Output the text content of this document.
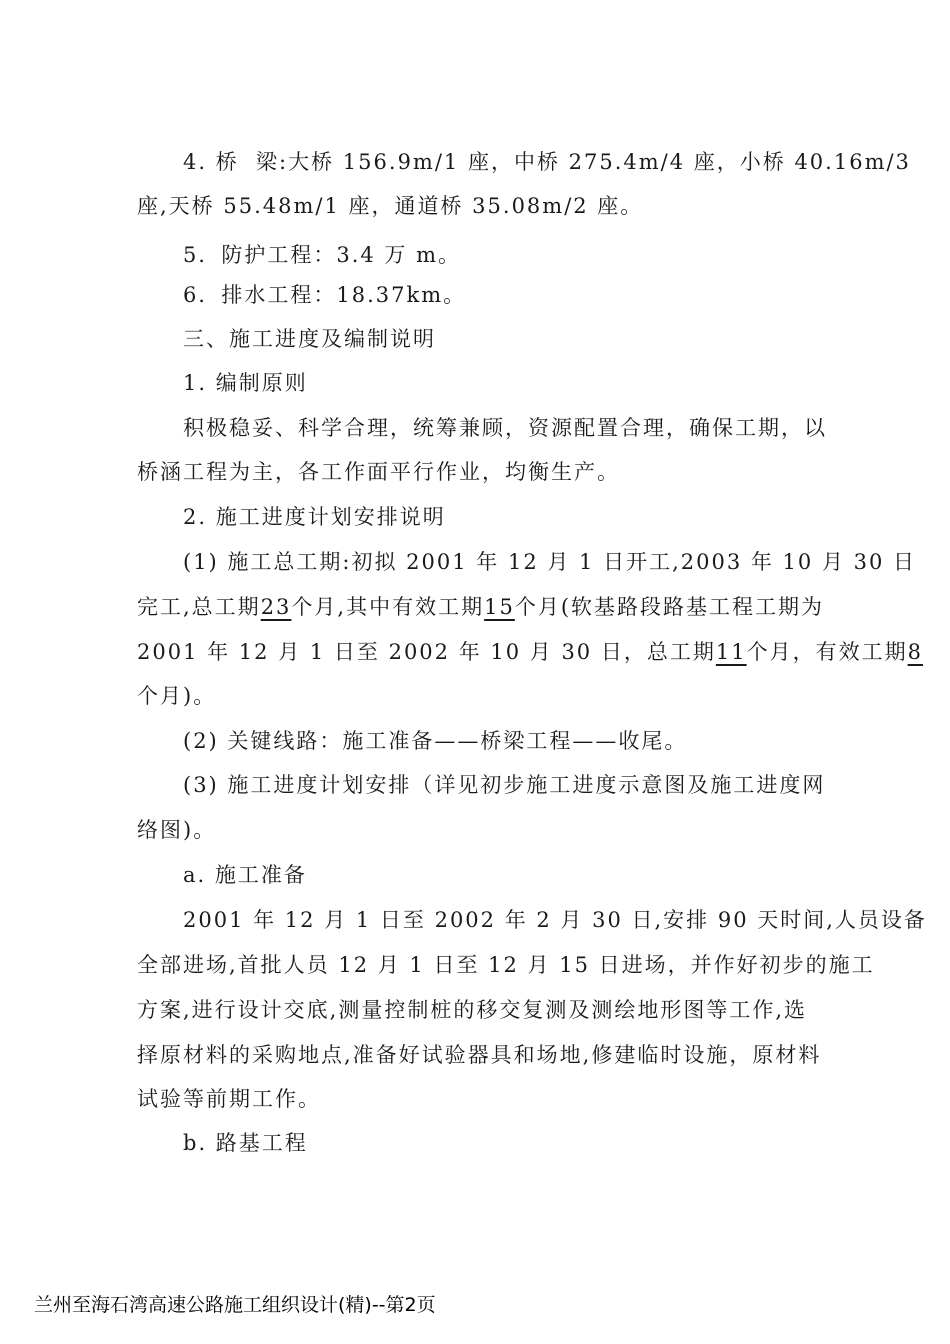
4. 桥  梁:大桥 156.9m/1 座，中桥 275.4m/4 座，小桥 40.16m/3
座,天桥 55.48m/1 座，通道桥 35.08m/2 座。
5．防护工程：3.4 万 m。
6．排水工程：18.37km。
三、施工进度及编制说明
1. 编制原则
积极稳妥、科学合理，统筹兼顾，资源配置合理，确保工期，以
桥涵工程为主，各工作面平行作业，均衡生产。
2. 施工进度计划安排说明
(1) 施工总工期:初拟 2001 年 12 月 1 日开工,2003 年 10 月 30 日
完工,总工期23个月,其中有效工期15个月(软基路段路基工程工期为
2001 年 12 月 1 日至 2002 年 10 月 30 日，总工期11个月，有效工期8
个月)。
(2) 关键线路：施工准备——桥梁工程——收尾。
(3) 施工进度计划安排（详见初步施工进度示意图及施工进度网
络图)。
a. 施工准备
2001 年 12 月 1 日至 2002 年 2 月 30 日,安排 90 天时间,人员设备
全部进场,首批人员 12 月 1 日至 12 月 15 日进场，并作好初步的施工
方案,进行设计交底,测量控制桩的移交复测及测绘地形图等工作,选
择原材料的采购地点,准备好试验器具和场地,修建临时设施，原材料
试验等前期工作。
b. 路基工程
兰州至海石湾高速公路施工组织设计(精)--第2页
